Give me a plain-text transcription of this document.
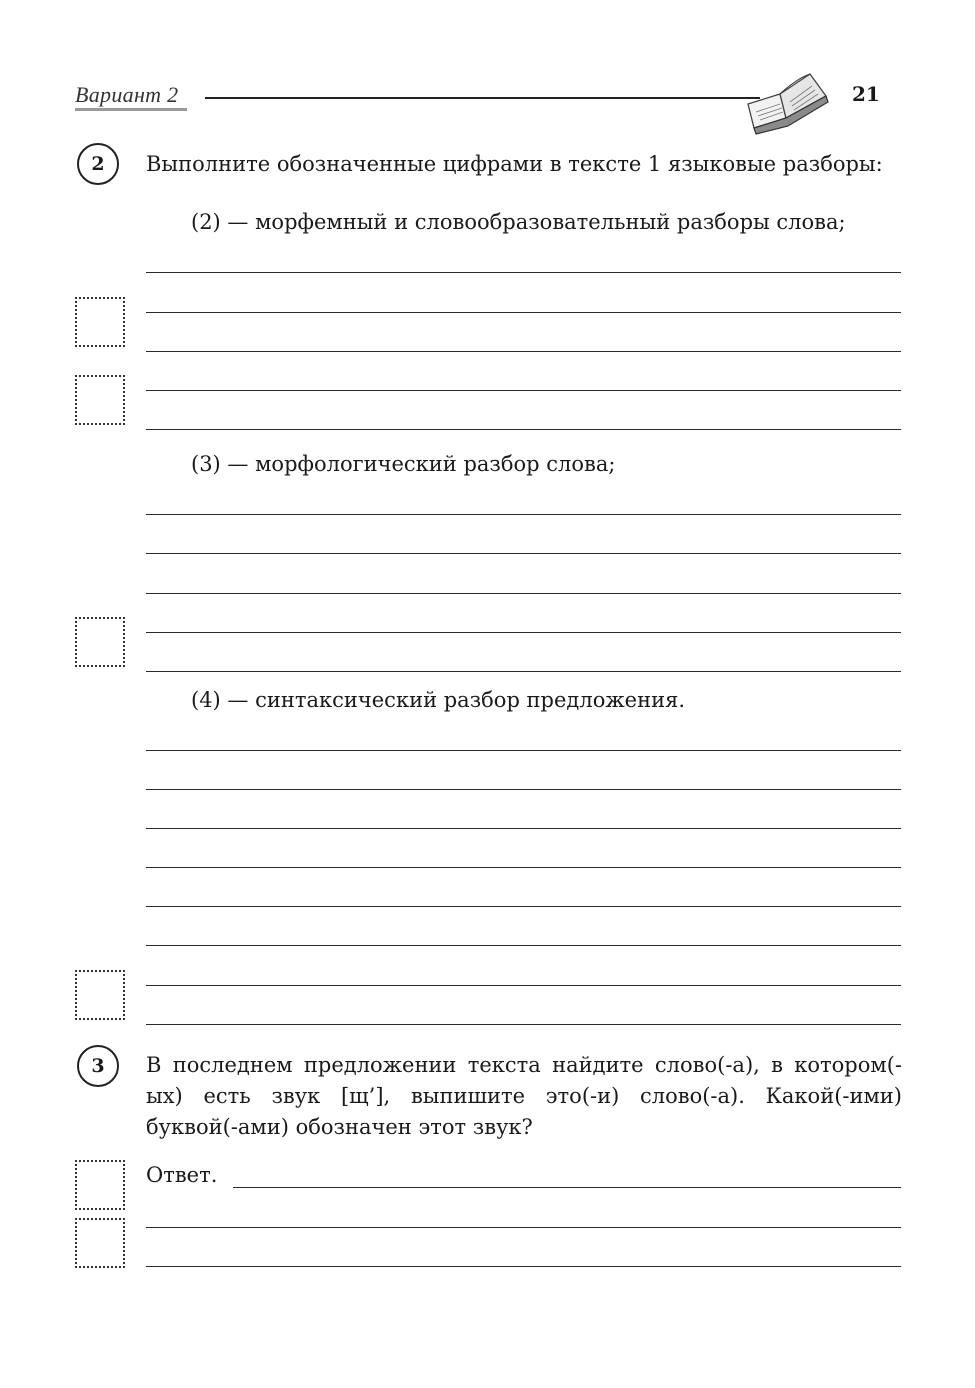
Вариант 2	21
2	Выполните обозначенные цифрами в тексте 1 языковые разборы:
(2) — морфемный и словообразовательный разборы слова;
(3) — морфологический разбор слова;
(4) — синтаксический разбор предложения.
3	В последнем предложении текста найдите слово(-а), в котором(-ых) есть звук [щ’], выпишите это(-и) слово(-а). Какой(-ими) буквой(-ами) обозначен этот звук?
Ответ.
